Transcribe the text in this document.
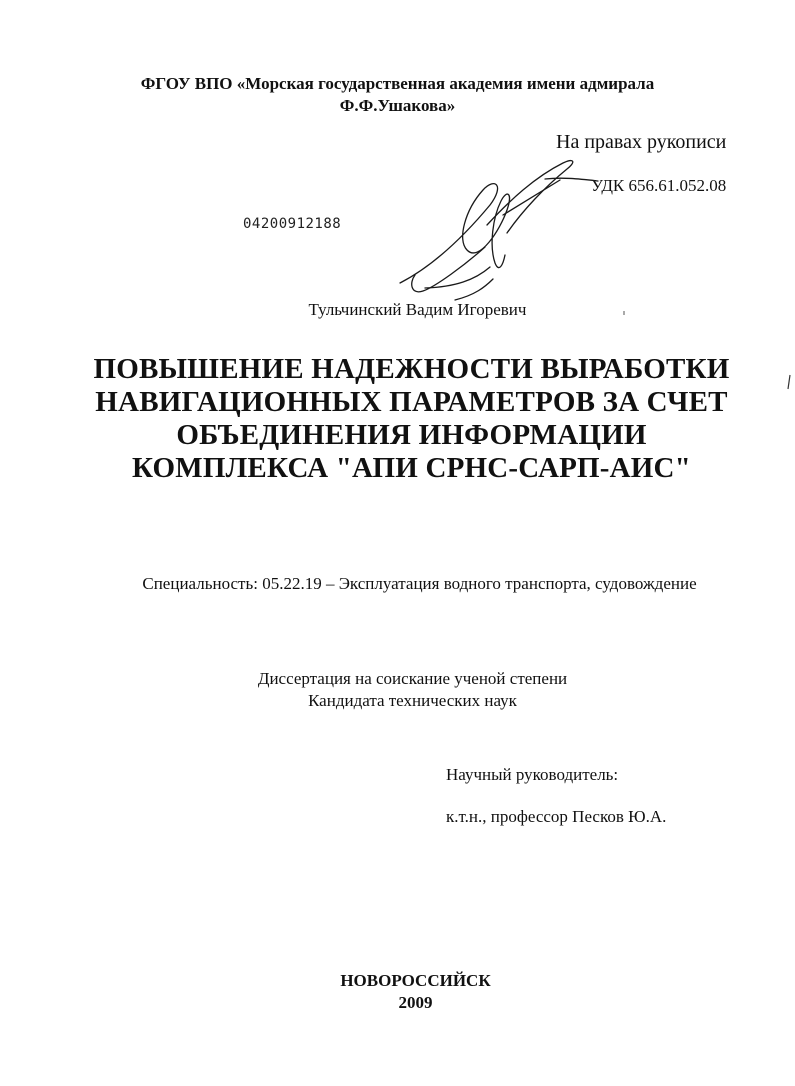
ФГОУ ВПО «Морская государственная академия имени адмирала
Ф.Ф.Ушакова»
На правах рукописи
УДК 656.61.052.08
04200912188
Тульчинский Вадим Игоревич
ПОВЫШЕНИЕ НАДЕЖНОСТИ ВЫРАБОТКИ
НАВИГАЦИОННЫХ ПАРАМЕТРОВ ЗА СЧЕТ
ОБЪЕДИНЕНИЯ ИНФОРМАЦИИ
КОМПЛЕКСА "АПИ СРНС-САРП-АИС"
Специальность: 05.22.19 – Эксплуатация водного транспорта, судовождение
Диссертация на соискание ученой степени
Кандидата технических наук
Научный руководитель:
к.т.н., профессор Песков Ю.А.
НОВОРОССИЙСК
2009
